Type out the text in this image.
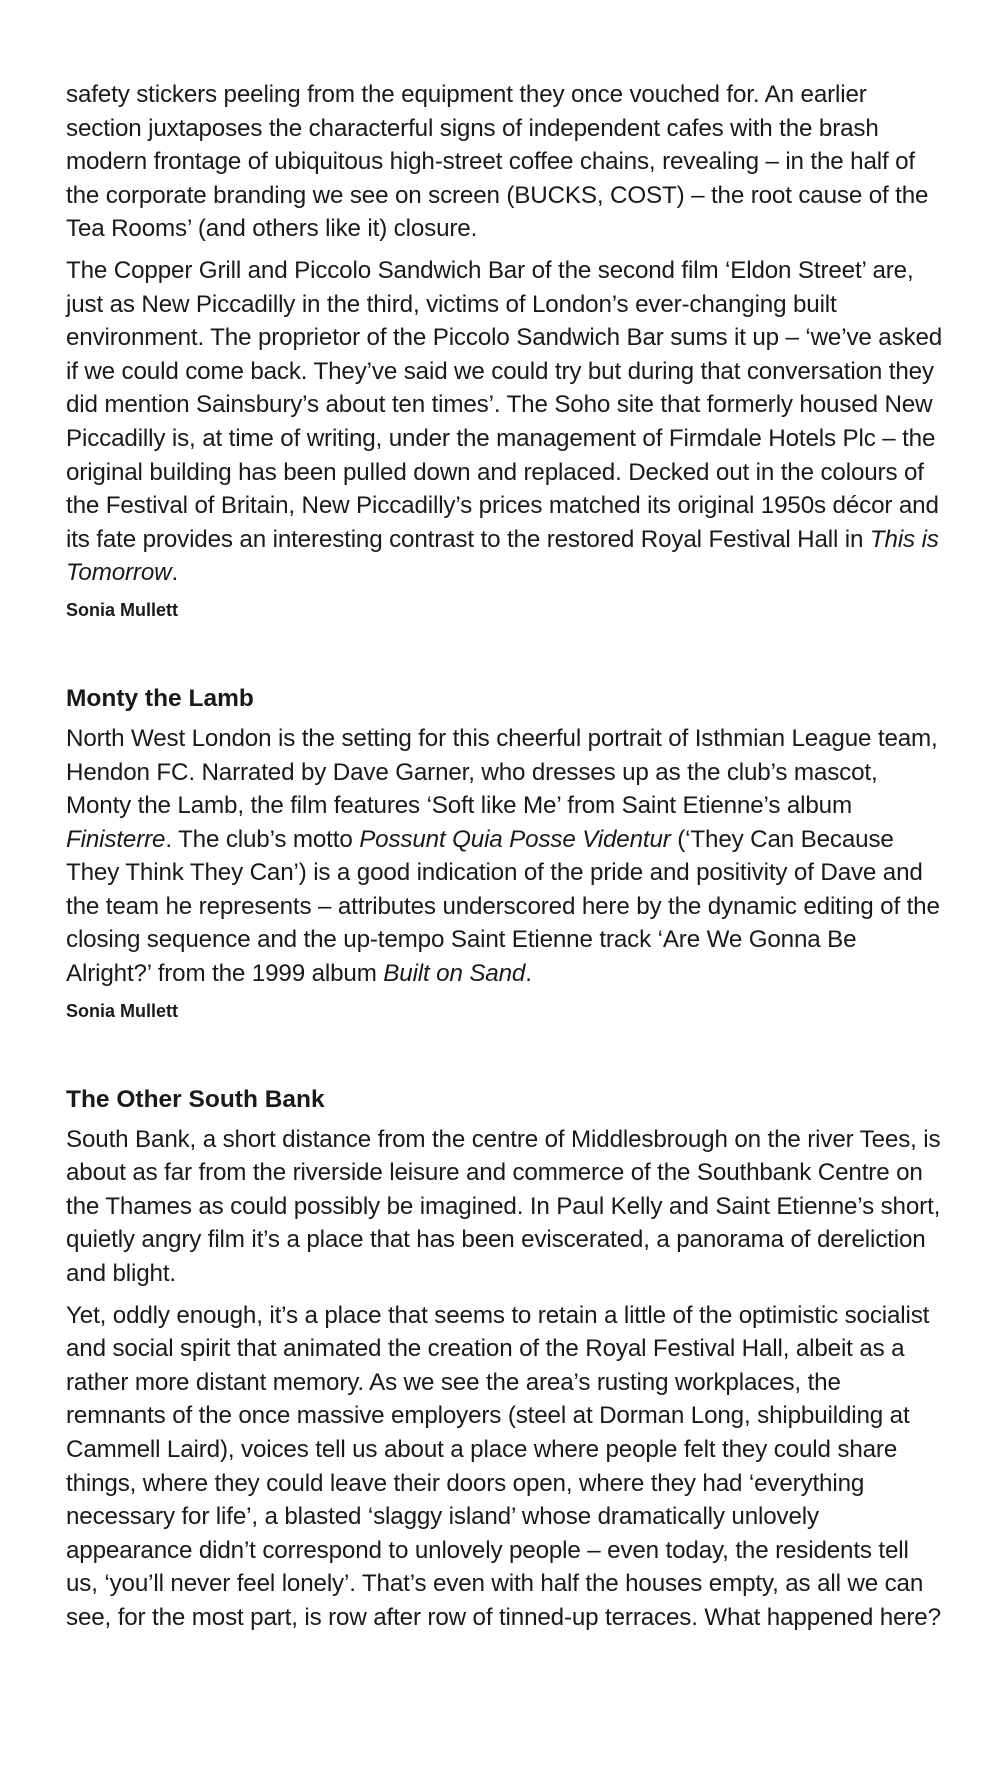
safety stickers peeling from the equipment they once vouched for. An earlier section juxtaposes the characterful signs of independent cafes with the brash modern frontage of ubiquitous high-street coffee chains, revealing – in the half of the corporate branding we see on screen (BUCKS, COST) – the root cause of the Tea Rooms’ (and others like it) closure.

The Copper Grill and Piccolo Sandwich Bar of the second film ‘Eldon Street’ are, just as New Piccadilly in the third, victims of London’s ever-changing built environment. The proprietor of the Piccolo Sandwich Bar sums it up – ‘we’ve asked if we could come back. They’ve said we could try but during that conversation they did mention Sainsbury’s about ten times’. The Soho site that formerly housed New Piccadilly is, at time of writing, under the management of Firmdale Hotels Plc – the original building has been pulled down and replaced. Decked out in the colours of the Festival of Britain, New Piccadilly’s prices matched its original 1950s décor and its fate provides an interesting contrast to the restored Royal Festival Hall in This is Tomorrow.

Sonia Mullett
Monty the Lamb

North West London is the setting for this cheerful portrait of Isthmian League team, Hendon FC. Narrated by Dave Garner, who dresses up as the club’s mascot, Monty the Lamb, the film features ‘Soft like Me’ from Saint Etienne’s album Finisterre. The club’s motto Possunt Quia Posse Videntur (‘They Can Because They Think They Can’) is a good indication of the pride and positivity of Dave and the team he represents – attributes underscored here by the dynamic editing of the closing sequence and the up-tempo Saint Etienne track ‘Are We Gonna Be Alright?’ from the 1999 album Built on Sand.

Sonia Mullett
The Other South Bank

South Bank, a short distance from the centre of Middlesbrough on the river Tees, is about as far from the riverside leisure and commerce of the Southbank Centre on the Thames as could possibly be imagined. In Paul Kelly and Saint Etienne’s short, quietly angry film it’s a place that has been eviscerated, a panorama of dereliction and blight.

Yet, oddly enough, it’s a place that seems to retain a little of the optimistic socialist and social spirit that animated the creation of the Royal Festival Hall, albeit as a rather more distant memory. As we see the area’s rusting workplaces, the remnants of the once massive employers (steel at Dorman Long, shipbuilding at Cammell Laird), voices tell us about a place where people felt they could share things, where they could leave their doors open, where they had ‘everything necessary for life’, a blasted ‘slaggy island’ whose dramatically unlovely appearance didn’t correspond to unlovely people – even today, the residents tell us, ‘you’ll never feel lonely’. That’s even with half the houses empty, as all we can see, for the most part, is row after row of tinned-up terraces. What happened here?
